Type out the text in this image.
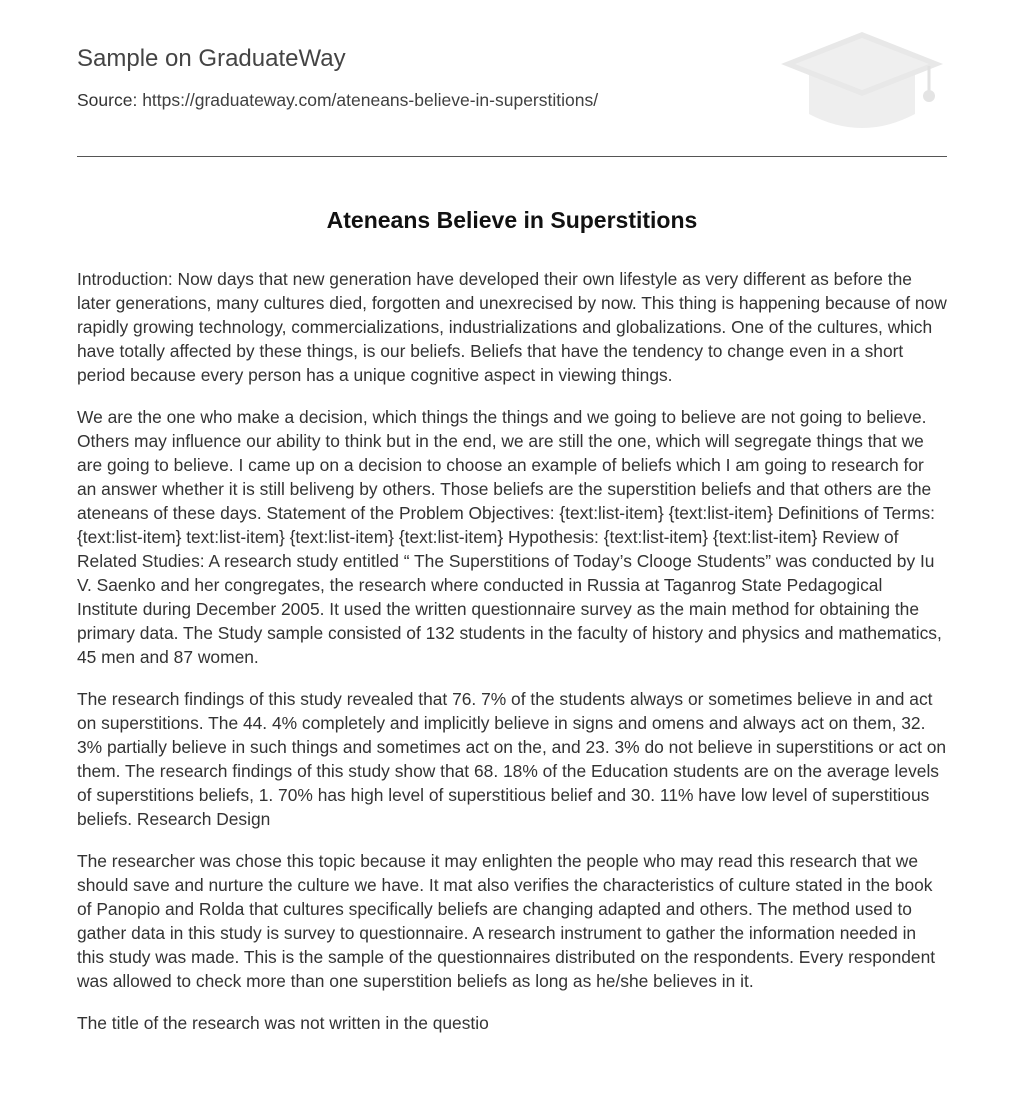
Sample on GraduateWay
Source: https://graduateway.com/ateneans-believe-in-superstitions/
Ateneans Believe in Superstitions

Introduction: Now days that new generation have developed their own lifestyle as very different as before the later generations, many cultures died, forgotten and unexrecised by now. This thing is happening because of now rapidly growing technology, commercializations, industrializations and globalizations. One of the cultures, which have totally affected by these things, is our beliefs. Beliefs that have the tendency to change even in a short period because every person has a unique cognitive aspect in viewing things.

We are the one who make a decision, which things the things and we going to believe are not going to believe. Others may influence our ability to think but in the end, we are still the one, which will segregate things that we are going to believe. I came up on a decision to choose an example of beliefs which I am going to research for an answer whether it is still beliveng by others. Those beliefs are the superstition beliefs and that others are the ateneans of these days. Statement of the Problem Objectives: {text:list-item} {text:list-item} Definitions of Terms: {text:list-item} text:list-item} {text:list-item} {text:list-item} Hypothesis: {text:list-item} {text:list-item} Review of Related Studies: A research study entitled “ The Superstitions of Today’s Clooge Students” was conducted by Iu V. Saenko and her congregates, the research where conducted in Russia at Taganrog State Pedagogical Institute during December 2005. It used the written questionnaire survey as the main method for obtaining the primary data. The Study sample consisted of 132 students in the faculty of history and physics and mathematics, 45 men and 87 women.

The research findings of this study revealed that 76. 7% of the students always or sometimes believe in and act on superstitions. The 44. 4% completely and implicitly believe in signs and omens and always act on them, 32. 3% partially believe in such things and sometimes act on the, and 23. 3% do not believe in superstitions or act on them. The research findings of this study show that 68. 18% of the Education students are on the average levels of superstitions beliefs, 1. 70% has high level of superstitious belief and 30. 11% have low level of superstitious beliefs. Research Design

The researcher was chose this topic because it may enlighten the people who may read this research that we should save and nurture the culture we have. It mat also verifies the characteristics of culture stated in the book of Panopio and Rolda that cultures specifically beliefs are changing adapted and others. The method used to gather data in this study is survey to questionnaire. A research instrument to gather the information needed in this study was made. This is the sample of the questionnaires distributed on the respondents. Every respondent was allowed to check more than one superstition beliefs as long as he/she believes in it.

The title of the research was not written in the questio
